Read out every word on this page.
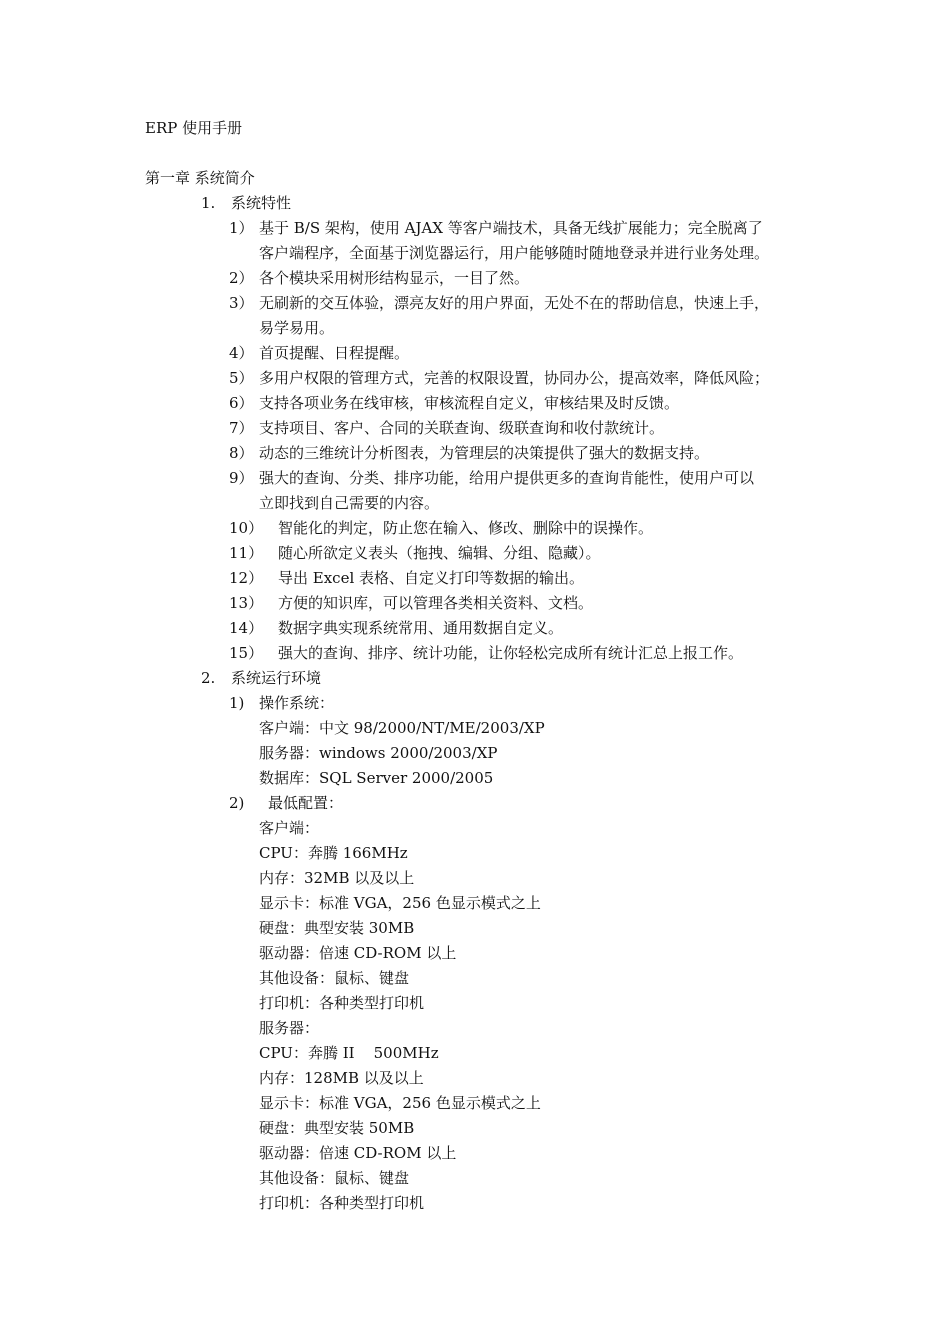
ERP 使用手册
第一章 系统简介
1. 系统特性
1） 基于 B/S 架构，使用 AJAX 等客户端技术，具备无线扩展能力；完全脱离了
客户端程序，全面基于浏览器运行，用户能够随时随地登录并进行业务处理。
2） 各个模块采用树形结构显示，一目了然。
3） 无刷新的交互体验，漂亮友好的用户界面，无处不在的帮助信息，快速上手，
易学易用。
4） 首页提醒、日程提醒。
5） 多用户权限的管理方式，完善的权限设置，协同办公，提高效率，降低风险；
6） 支持各项业务在线审核，审核流程自定义，审核结果及时反馈。
7） 支持项目、客户、合同的关联查询、级联查询和收付款统计。
8） 动态的三维统计分析图表，为管理层的决策提供了强大的数据支持。
9） 强大的查询、分类、排序功能，给用户提供更多的查询肯能性，使用户可以
立即找到自己需要的内容。
10） 智能化的判定，防止您在输入、修改、删除中的误操作。
11） 随心所欲定义表头（拖拽、编辑、分组、隐藏）。
12） 导出 Excel 表格、自定义打印等数据的输出。
13） 方便的知识库，可以管理各类相关资料、文档。
14） 数据字典实现系统常用、通用数据自定义。
15） 强大的查询、排序、统计功能，让你轻松完成所有统计汇总上报工作。
2. 系统运行环境
1) 操作系统：
客户端：中文 98/2000/NT/ME/2003/XP
服务器：windows 2000/2003/XP
数据库：SQL Server 2000/2005
2) 最低配置：
客户端：
CPU：奔腾 166MHz
内存：32MB 以及以上
显示卡：标准 VGA，256 色显示模式之上
硬盘：典型安装 30MB
驱动器：倍速 CD-ROM 以上
其他设备：鼠标、键盘
打印机：各种类型打印机
服务器：
CPU：奔腾 II    500MHz
内存：128MB 以及以上
显示卡：标准 VGA，256 色显示模式之上
硬盘：典型安装 50MB
驱动器：倍速 CD-ROM 以上
其他设备：鼠标、键盘
打印机：各种类型打印机
